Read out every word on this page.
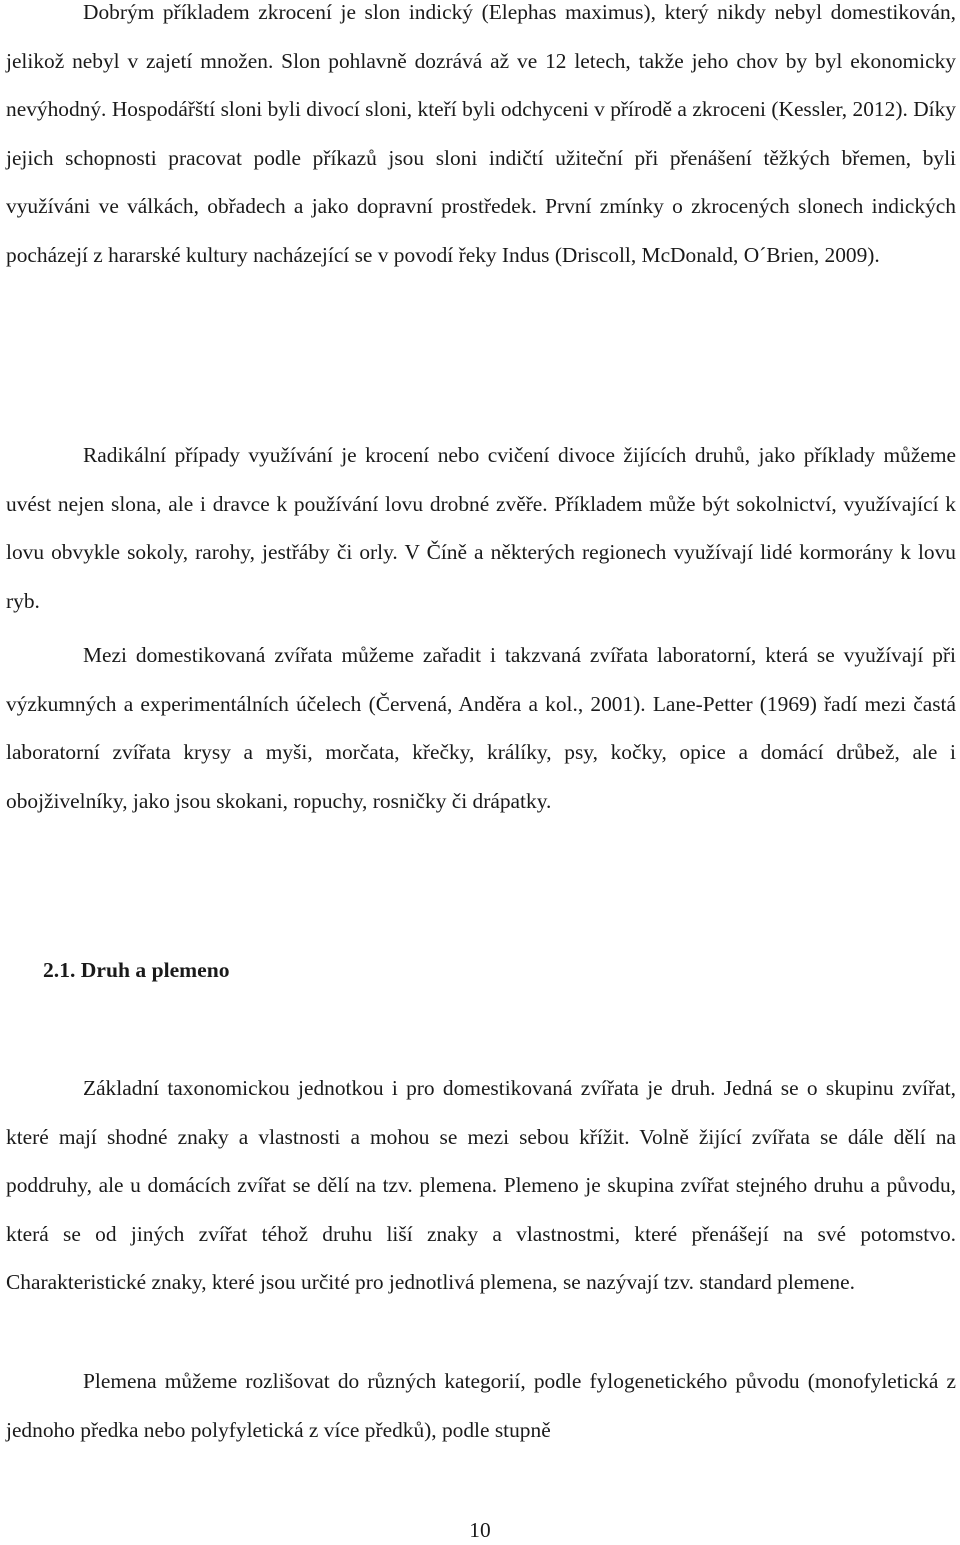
Dobrým příkladem zkrocení je slon indický (Elephas maximus), který nikdy nebyl domestikován, jelikož nebyl v zajetí množen. Slon pohlavně dozrává až ve 12 letech, takže jeho chov by byl ekonomicky nevýhodný. Hospodářští sloni byli divocí sloni, kteří byli odchyceni v přírodě a zkroceni (Kessler, 2012). Díky jejich schopnosti pracovat podle příkazů jsou sloni indičtí užiteční při přenášení těžkých břemen, byli využíváni ve válkách, obřadech a jako dopravní prostředek. První zmínky o zkrocených slonech indických pocházejí z hararské kultury nacházející se v povodí řeky Indus (Driscoll, McDonald, O´Brien, 2009).

Radikální případy využívání je krocení nebo cvičení divoce žijících druhů, jako příklady můžeme uvést nejen slona, ale i dravce k používání lovu drobné zvěře. Příkladem může být sokolnictví, využívající k lovu obvykle sokoly, rarohy, jestřáby či orly. V Číně a některých regionech využívají lidé kormorány k lovu ryb.

Mezi domestikovaná zvířata můžeme zařadit i takzvaná zvířata laboratorní, která se využívají při výzkumných a experimentálních účelech (Červená, Anděra a kol., 2001). Lane-Petter (1969) řadí mezi častá laboratorní zvířata krysy a myši, morčata, křečky, králíky, psy, kočky, opice a domácí drůbež, ale i obojživelníky, jako jsou skokani, ropuchy, rosničky či drápatky.

2.1. Druh a plemeno

Základní taxonomickou jednotkou i pro domestikovaná zvířata je druh. Jedná se o skupinu zvířat, které mají shodné znaky a vlastnosti a mohou se mezi sebou křížit. Volně žijící zvířata se dále dělí na poddruhy, ale u domácích zvířat se dělí na tzv. plemena. Plemeno je skupina zvířat stejného druhu a původu, která se od jiných zvířat téhož druhu liší znaky a vlastnostmi, které přenášejí na své potomstvo. Charakteristické znaky, které jsou určité pro jednotlivá plemena, se nazývají tzv. standard plemene.

Plemena můžeme rozlišovat do různých kategorií, podle fylogenetického původu (monofyletická z jednoho předka nebo polyfyletická z více předků), podle stupně

10
